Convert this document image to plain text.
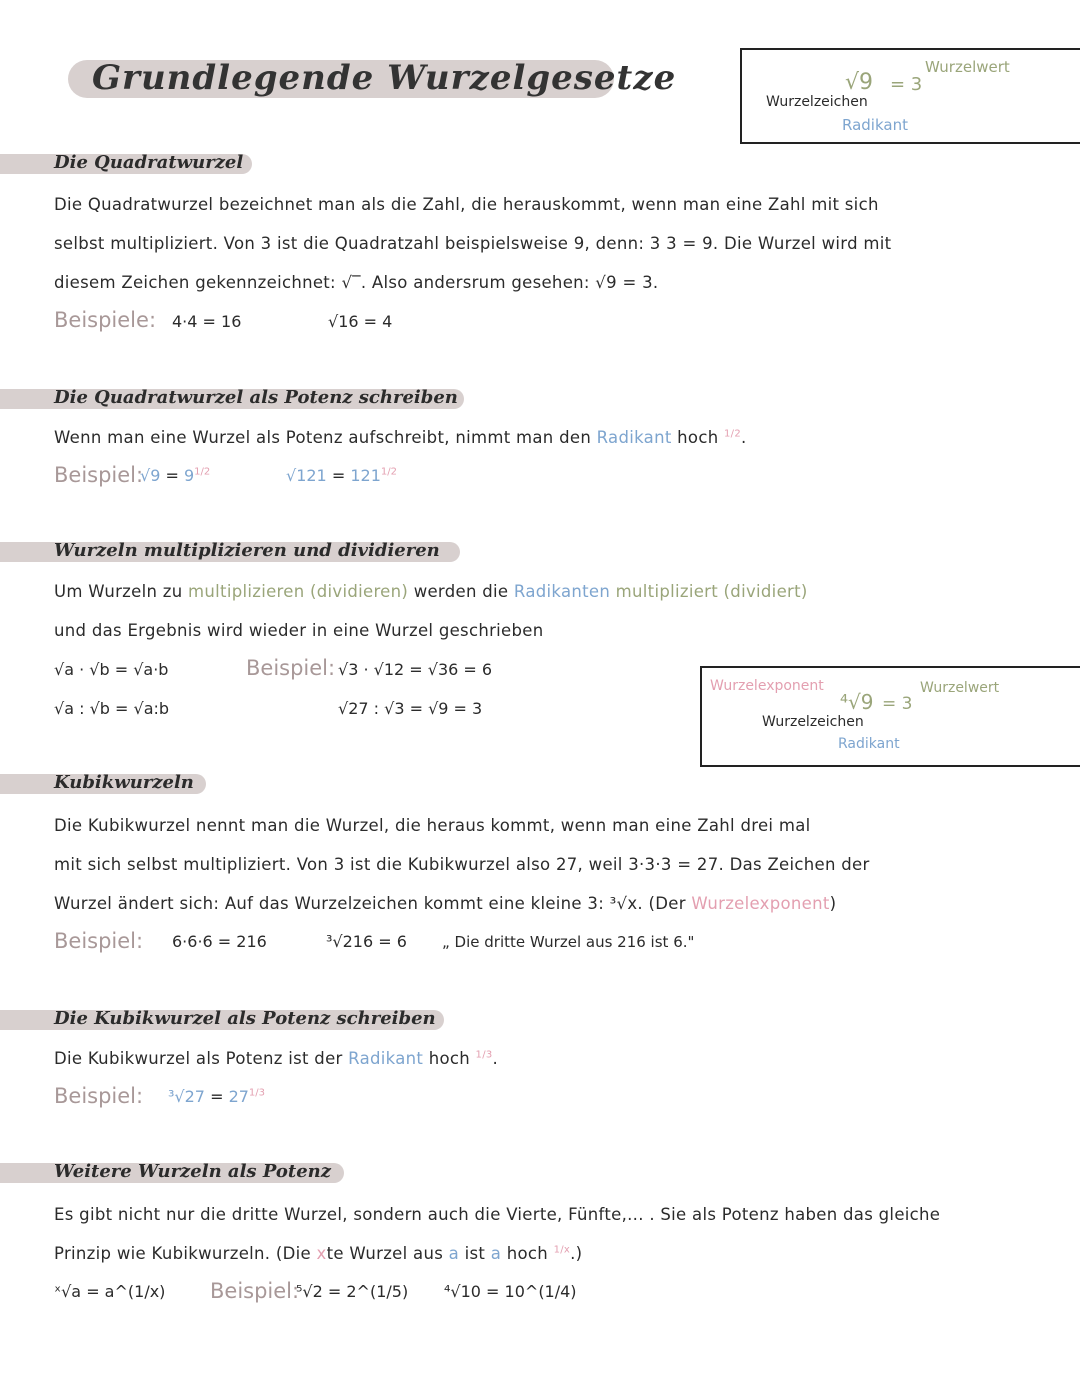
Grundlegende Wurzelgesetze	√9 = 3
Wurzelwert
Wurzelzeichen
Radikant
Die Quadratwurzel
Die Quadratwurzel bezeichnet man als die Zahl, die herauskommt, wenn man eine Zahl mit sich
selbst multipliziert. Von 3 ist die Quadratzahl beispielsweise 9, denn: 3 3 = 9. Die Wurzel wird mit
diesem Zeichen gekennzeichnet: √‾. Also andersrum gesehen: √9 = 3.
Beispiele: 4·4 = 16	√16 = 4
Die Quadratwurzel als Potenz schreiben
Wenn man eine Wurzel als Potenz aufschreibt, nimmt man den Radikant hoch $^{1/2}$.
Beispiel:
$√9 = 9^{1/2}$	$√121 = 121^{1/2}$
Wurzeln multiplizieren und dividieren
Um Wurzeln zu multiplizieren (dividieren) werden die Radikanten multipliziert (dividiert)
und das Ergebnis wird wieder in eine Wurzel geschrieben
√a · √b = √a·b
√a : √b = √a:b
Beispiel: √3 · √12 = √36 = 6
√27 : √3 = √9 = 3
Wurzelexponent
⁴√9 = 3
Wurzelwert
Wurzelzeichen
Radikant
Kubikwurzeln
Die Kubikwurzel nennt man die Wurzel, die heraus kommt, wenn man eine Zahl drei mal
mit sich selbst multipliziert. Von 3 ist die Kubikwurzel also 27, weil 3·3·3 = 27. Das Zeichen der
Wurzel ändert sich: Auf das Wurzelzeichen kommt eine kleine 3: ³√x. (Der Wurzelexponent)
Beispiel: 6·6·6 = 216	³√216 = 6 „ Die dritte Wurzel aus 216 ist 6."
Die Kubikwurzel als Potenz schreiben
Die Kubikwurzel als Potenz ist der Radikant hoch $^{1/3}$.
Beispiel: $^3√27 = 27^{1/3}$
Weitere Wurzeln als Potenz
Es gibt nicht nur die dritte Wurzel, sondern auch die Vierte, Fünfte,... . Sie als Potenz haben das gleiche
Prinzip wie Kubikwurzeln. (Die xte Wurzel aus a ist a hoch $^{1/x}$.)
ˣ√a = a^(1/x) Beispiel:
⁵√2 = 2^(1/5) ⁴√10 = 10^(1/4)
